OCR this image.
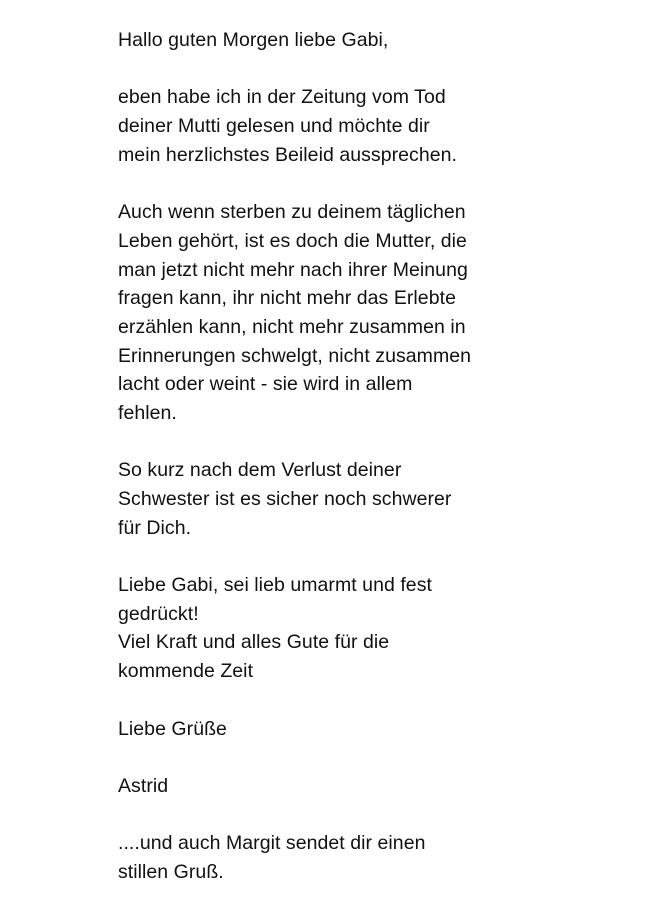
Hallo guten Morgen liebe Gabi,
eben habe ich in der Zeitung vom Tod
deiner Mutti gelesen und möchte dir
mein herzlichstes Beileid aussprechen.
Auch wenn sterben zu deinem täglichen
Leben gehört, ist es doch die Mutter, die
man jetzt nicht mehr nach ihrer Meinung
fragen kann, ihr nicht mehr das Erlebte
erzählen kann, nicht mehr zusammen in
Erinnerungen schwelgt, nicht zusammen
lacht oder weint - sie wird in allem
fehlen.
So kurz nach dem Verlust deiner
Schwester ist es sicher noch schwerer
für Dich.
Liebe Gabi, sei lieb umarmt und fest
gedrückt!
Viel Kraft und alles Gute für die
kommende Zeit
Liebe Grüße
Astrid
....und auch Margit sendet dir einen
stillen Gruß.
